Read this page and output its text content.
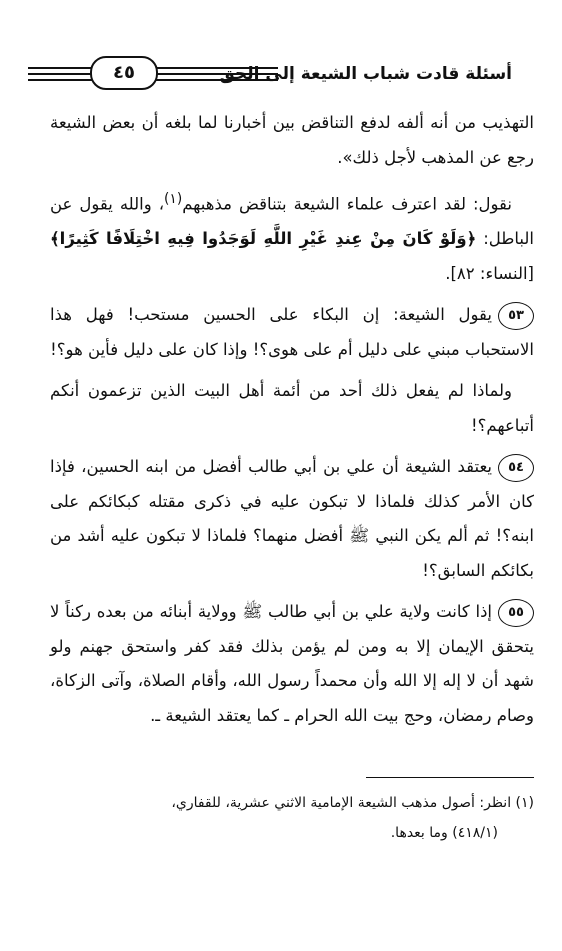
أسئلة قادت شباب الشيعة إلى الحق
٤٥

التهذيب من أنه ألفه لدفع التناقض بين أخبارنا لما بلغه أن بعض الشيعة رجع عن المذهب لأجل ذلك».

نقول: لقد اعترف علماء الشيعة بتناقض مذهبهم$^{(١)}$، والله يقول عن الباطل: ﴿وَلَوْ كَانَ مِنْ عِندِ غَيْرِ اللَّهِ لَوَجَدُوا فِيهِ اخْتِلَافًا كَثِيرًا﴾ [النساء: ٨٢].

٥٣يقول الشيعة: إن البكاء على الحسين مستحب! فهل هذا الاستحباب مبني على دليل أم على هوى؟! وإذا كان على دليل فأين هو؟!

ولماذا لم يفعل ذلك أحد من أئمة أهل البيت الذين تزعمون أنكم أتباعهم؟!

٥٤يعتقد الشيعة أن علي بن أبي طالب أفضل من ابنه الحسين، فإذا كان الأمر كذلك فلماذا لا تبكون عليه في ذكرى مقتله كبكائكم على ابنه؟! ثم ألم يكن النبي ﷺ أفضل منهما؟ فلماذا لا تبكون عليه أشد من بكائكم السابق؟!

٥٥إذا كانت ولاية علي بن أبي طالب ﷺ وولاية أبنائه من بعده ركناً لا يتحقق الإيمان إلا به ومن لم يؤمن بذلك فقد كفر واستحق جهنم ولو شهد أن لا إله إلا الله وأن محمداً رسول الله، وأقام الصلاة، وآتى الزكاة، وصام رمضان، وحج بيت الله الحرام ـ كما يعتقد الشيعة ـ.

(١) انظر: أصول مذهب الشيعة الإمامية الاثني عشرية، للقفاري،
(٤١٨/١) وما بعدها.
